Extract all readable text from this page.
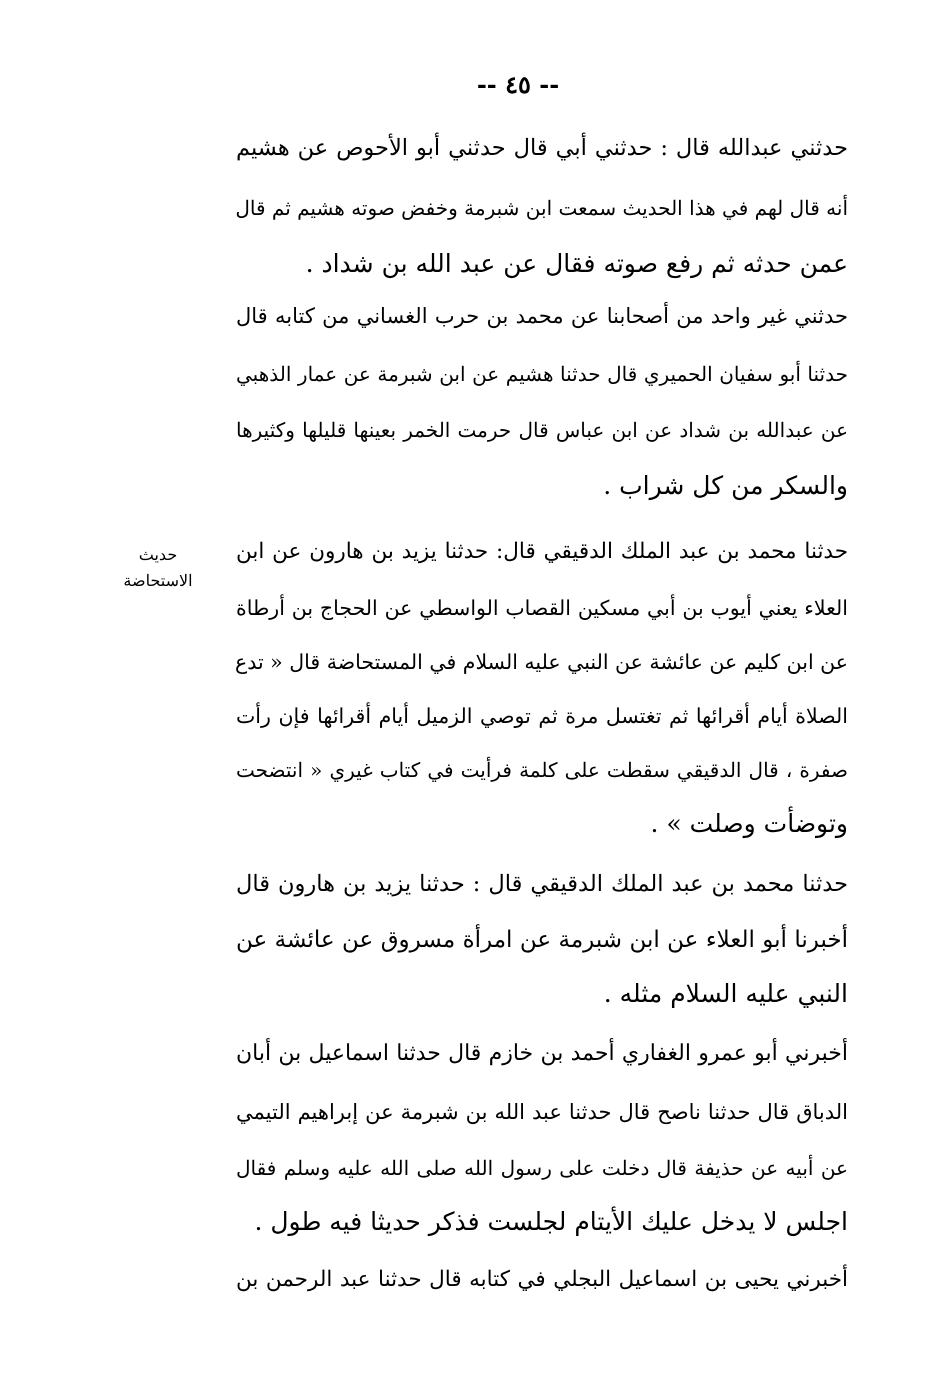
-- ٤٥ --
حديث
الاستحاضة
حدثني عبدالله قال : حدثني أبي قال حدثني أبو الأحوص عن هشيم
أنه قال لهم في هذا الحديث سمعت ابن شبرمة وخفض صوته هشيم ثم قال
عمن حدثه ثم رفع صوته فقال عن عبد الله بن شداد .
حدثني غير واحد من أصحابنا عن محمد بن حرب الغساني من كتابه قال
حدثنا أبو سفيان الحميري قال حدثنا هشيم عن ابن شبرمة عن عمار الذهبي
عن عبدالله بن شداد عن ابن عباس قال حرمت الخمر بعينها قليلها وكثيرها
والسكر من كل شراب .
حدثنا محمد بن عبد الملك الدقيقي قال: حدثنا يزيد بن هارون عن ابن
العلاء يعني أيوب بن أبي مسكين القصاب الواسطي عن الحجاج بن أرطاة
عن ابن كليم عن عائشة عن النبي عليه السلام في المستحاضة قال « تدع
الصلاة أيام أقرائها ثم تغتسل مرة ثم توصي الزميل أيام أقرائها فإن رأت
صفرة ، قال الدقيقي سقطت على كلمة فرأيت في كتاب غيري « انتضحت
وتوضأت وصلت » .
حدثنا محمد بن عبد الملك الدقيقي قال : حدثنا يزيد بن هارون قال
أخبرنا أبو العلاء عن ابن شبرمة عن امرأة مسروق عن عائشة عن
النبي عليه السلام مثله .
أخبرني أبو عمرو الغفاري أحمد بن خازم قال حدثنا اسماعيل بن أبان
الدباق قال حدثنا ناصح قال حدثنا عبد الله بن شبرمة عن إبراهيم التيمي
عن أبيه عن حذيفة قال دخلت على رسول الله صلى الله عليه وسلم فقال
اجلس لا يدخل عليك الأيتام لجلست فذكر حديثا فيه طول .
أخبرني يحيى بن اسماعيل البجلي في كتابه قال حدثنا عبد الرحمن بن
